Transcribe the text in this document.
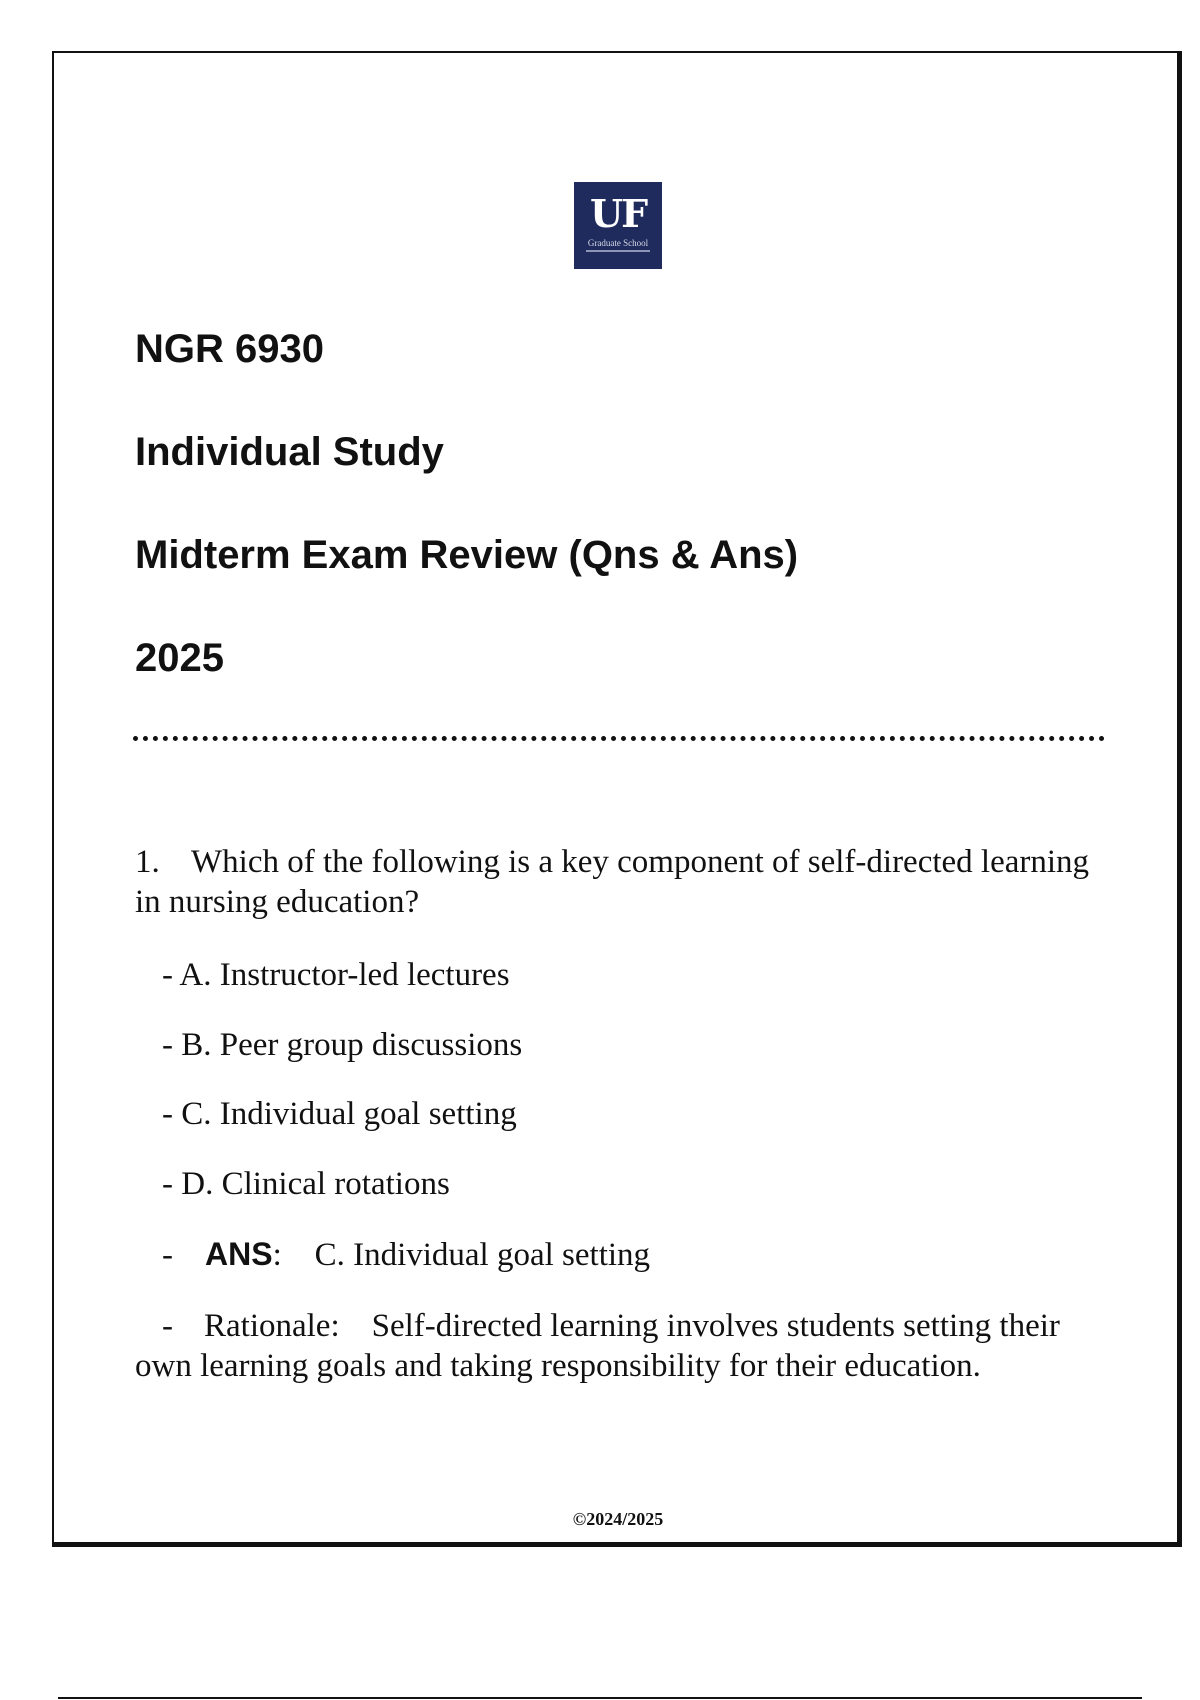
UF
Graduate School
NGR 6930
Individual Study
Midterm Exam Review (Qns & Ans)
2025
1. Which of the following is a key component of self-directed learning in nursing education?
- A. Instructor-led lectures
- B. Peer group discussions
- C. Individual goal setting
- D. Clinical rotations
- ANS: C. Individual goal setting
- Rationale: Self-directed learning involves students setting their own learning goals and taking responsibility for their education.
©2024/2025
